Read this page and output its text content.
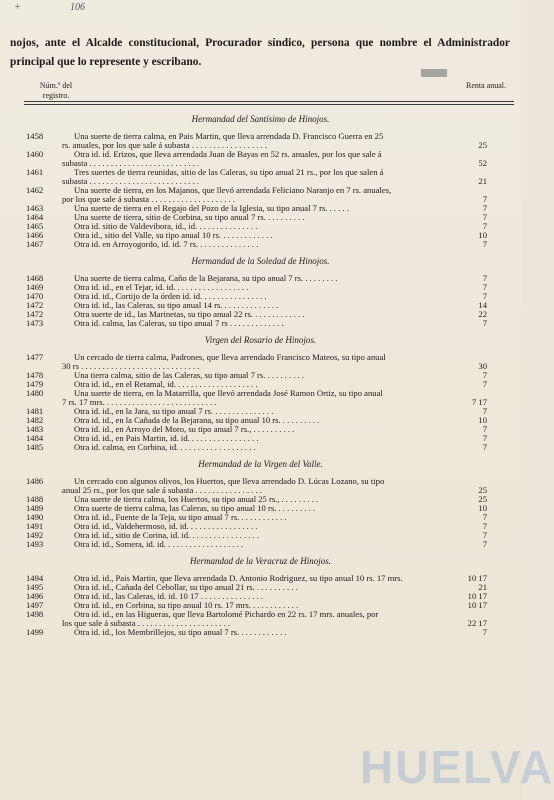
+	106
nojos, ante el Alcalde constitucional, Procurador síndico, persona que nombre el Administrador principal que lo represente y escribano.
Núm.º del registro.
Renta anual.
Hermandad del Santísimo de Hinojos.
1458	Una suerte de tierra calma, en Pais Martin, que lleva arrendada D. Francisco Guerra en 25
rs. anuales, por los que sale á subasta . . . . . . . . . . . . . . . . . .	25
1460	Otra id. id. Erizos, que lleva arrendada Juan de Bayas en 52 rs. anuales, por los que sale á
subasta . . . . . . . . . . . . . . . . . . . . . . . . . .	52
1461	Tres suertes de tierra reunidas, sitio de las Caleras, su tipo anual 21 rs., por los que salen á
subasta . . . . . . . . . . . . . . . . . . . . . . . . . .	21
1462	Una suerte de tierra, en los Majanos, que llevó arrendada Feliciano Naranjo en 7 rs. anuales,
por los que sale á subasta . . . . . . . . . . . . . . . . . . . .	7
1463	Una suerte de tierra en el Regajo del Pozo de la Iglesia, su tipo anual 7 rs. . . . . .	7
1464	Una suerte de tierra, sitio de Corbina, su tipo anual 7 rs. . . . . . . . . .	7
1465	Otra id. sitio de Valdevibora, id., id. . . . . . . . . . . . . . .	7
1466	Otra id., sitio del Valle, su tipo anual 10 rs. . . . . . . . . . . . .	10
1467	Otra id. en Arroyogordo, id. id. 7 rs. . . . . . . . . . . . . . .	7
Hermandad de la Soledad de Hinojos.
1468	Una suerte de tierra calma, Caño de la Bejarana, su tipo anual 7 rs. . . . . . . . .	7
1469	Otra id. id., en el Tejar, id. id. . . . . . . . . . . . . . . . . .	7
1470	Otra id. id., Cortijo de la órden id. id. . . . . . . . . . . . . . . .	7
1472	Otra id. id., las Caleras, su tipo anual 14 rs. . . . . . . . . . . . . .	14
1472	Otra suerte de id., las Marinetas, su tipo anual 22 rs. . . . . . . . . . . . .	22
1473	Otra id. calma, las Caleras, su tipo anual 7 rs . . . . . . . . . . . . .	7
Virgen del Rosario de Hinojos.
1477	Un cercado de tierra calma, Padrones, que lleva arrendado Francisco Mateos, su tipo anual
30 rs . . . . . . . . . . . . . . . . . . . . . . . . . . . .	30
1478	Una tierra calma, sitio de las Caleras, su tipo anual 7 rs. . . . . . . . . .	7
1479	Otra id. id., en el Retamal, id. . . . . . . . . . . . . . . . . . . .	7
1480	Una suerte de tierra, en la Matarrilla, que llevó arrendada José Ramon Ortiz, su tipo anual
7 rs. 17 mrs. . . . . . . . . . . . . . . . . . . . . . . . . . .	7 17
1481	Otra id. id., en la Jara, su tipo anual 7 rs. . . . . . . . . . . . . . .	7
1482	Otra id. id., en la Cañada de la Bejarana, su tipo anual 10 rs. . . . . . . . . .	10
1483	Otra id. id., en Arroyo del Moro, su tipo anual 7 rs., . . . . . . . . . .	7
1484	Otra id. id., en Pais Martin, id. id. . . . . . . . . . . . . . . . .	7
1485	Otra id. calma, en Corbina, id. . . . . . . . . . . . . . . . . . .	7
Hermandad de la Virgen del Valle.
1486	Un cercado con algunos olivos, los Huertos, que lleva arrendado D. Lúcas Lozano, su tipo
anual 25 rs., por los que sale á subasta . . . . . . . . . . . . . . . .	25
1488	Una suerte de tierra calma, los Huertos, su tipo anual 25 rs., . . . . . . . . .	25
1489	Otra suerte de tierra calma, las Caleras, su tipo anual 10 rs. . . . . . . . . .	10
1490	Otra id. id., Fuente de la Teja, su tipo anual 7 rs. . . . . . . . . . . .	7
1491	Otra id. id., Valdehermoso, id. id. . . . . . . . . . . . . . . . .	7
1492	Otra id. id., sitio de Corina, id. id. . . . . . . . . . . . . . . . .	7
1493	Otra id. id., Somera, id. id. . . . . . . . . . . . . . . . . . .	7
Hermandad de la Veracruz de Hinojos.
1494	Otra id. id., Pais Martin, que lleva arrendada D. Antonio Rodriguez, su tipo anual 10 rs. 17 mrs.	10 17
1495	Otra id. id., Cañada del Cebollar, su tipo anual 21 rs. . . . . . . . . . .	21
1496	Otra id. id., las Caleras, id. id. 10 17 . . . . . . . . . . . . . . .	10 17
1497	Otra id. id., en Corbina, su tipo anual 10 rs. 17 mrs. . . . . . . . . . . .	10 17
1498	Otra id. id., en las Higueras, que lleva Bartolomé Pichardo en 22 rs. 17 mrs. anuales, por
los que sale á subasta . . . . . . . . . . . . . . . . . . . . . .	22 17
1499	Otra id. id., los Membrillejos, su tipo anual 7 rs. . . . . . . . . . . .	7
HUELVA
